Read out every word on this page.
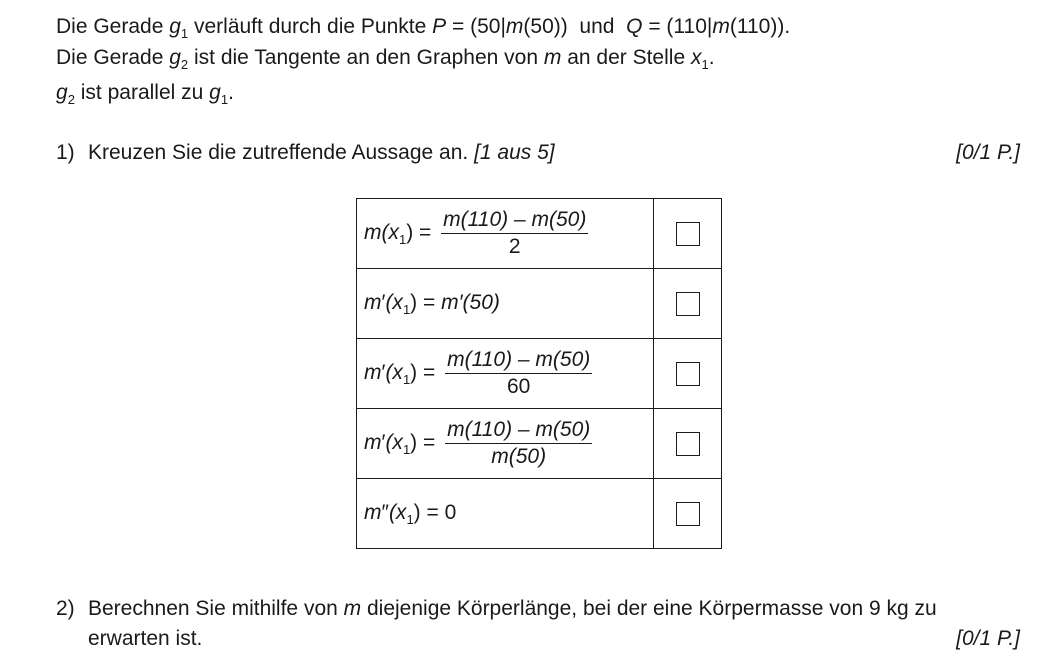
Die Gerade $g_1$ verläuft durch die Punkte P = (50|m(50))  und  Q = (110|m(110)).
Die Gerade $g_2$ ist die Tangente an den Graphen von m an der Stelle $x_1$.
$g_2$ ist parallel zu $g_1$.
1) Kreuzen Sie die zutreffende Aussage an. [1 aus 5]	[0/1 P.]
$m(x_1) = \frac{m(110) - m(50)}{2}$

$m'(x_1) = m'(50)$	
$m'(x_1) = \frac{m(110) - m(50)}{60}$

$m'(x_1) = \frac{m(110) - m(50)}{m(50)}$

$m''(x_1) = 0$	
2) Berechnen Sie mithilfe von m diejenige Körperlänge, bei der eine Körpermasse von 9 kg zu
erwarten ist.	[0/1 P.]
